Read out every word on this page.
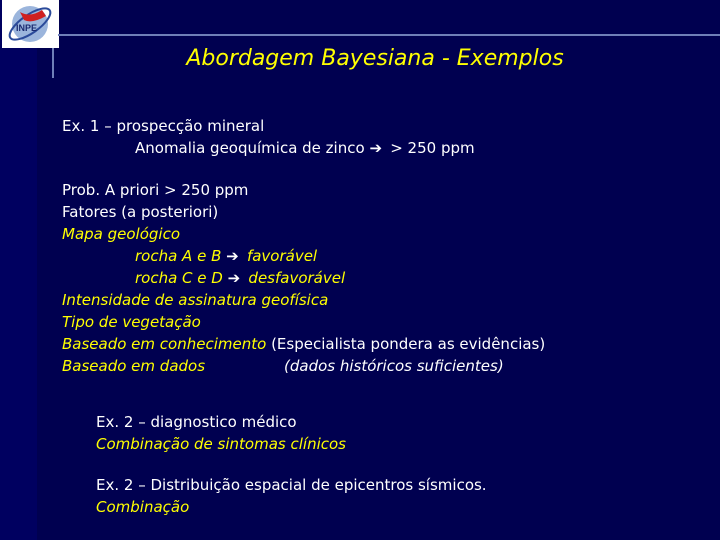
INPE
Abordagem Bayesiana - Exemplos
Ex. 1 – prospecção mineral
Anomalia geoquímica de zinco ➔ > 250 ppm
Prob. A priori > 250 ppm
Fatores (a posteriori)
Mapa geológico
rocha A e B ➔ favorável
rocha C e D ➔ desfavorável
Intensidade de assinatura geofísica
Tipo de vegetação
Baseado em conhecimento (Especialista pondera as evidências)
Baseado em dados	(dados históricos suficientes)
Ex. 2 – diagnostico médico
Combinação de sintomas clínicos
Ex. 2 – Distribuição espacial de epicentros sísmicos.
Combinação
